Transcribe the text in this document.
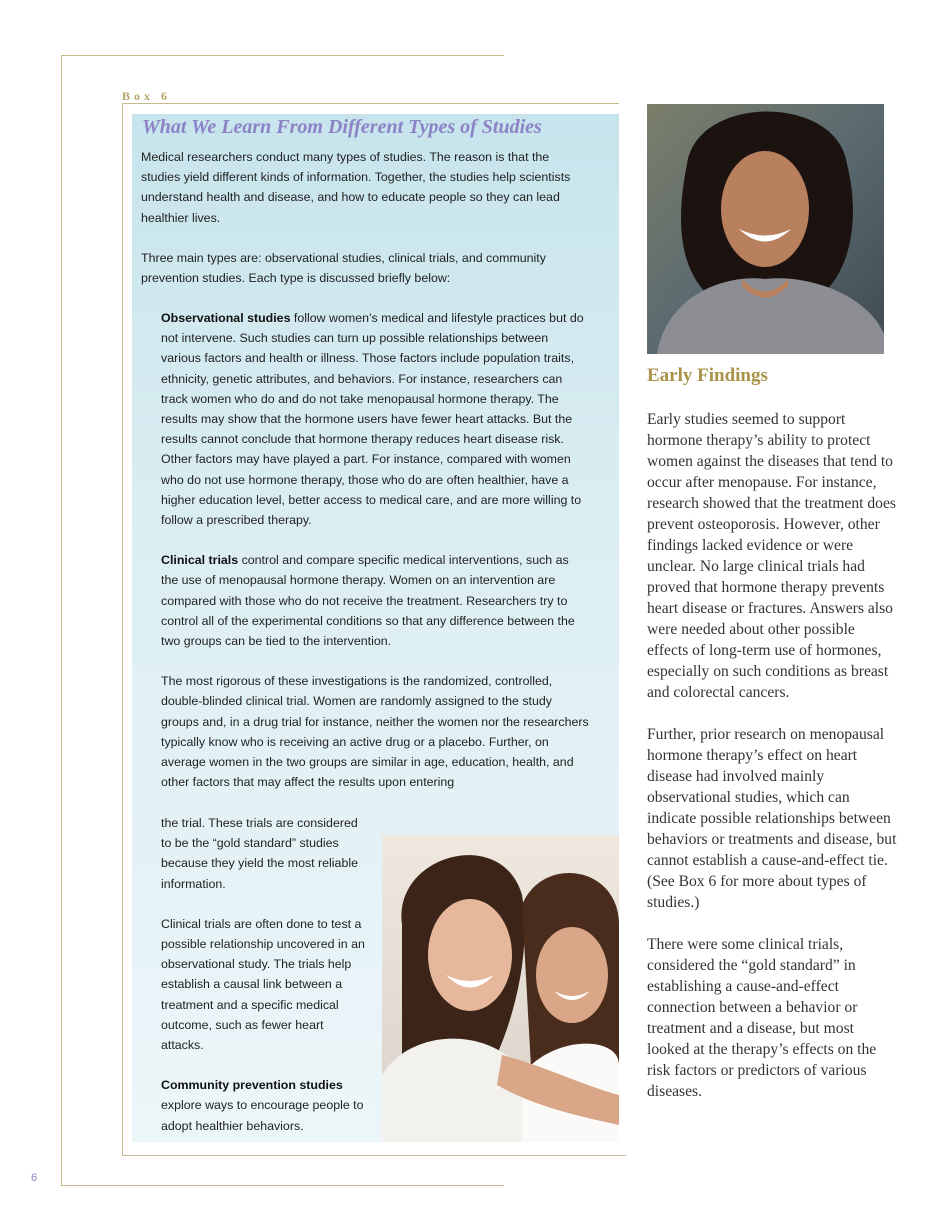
Box 6
What We Learn From Different Types of Studies

Medical researchers conduct many types of studies. The reason is that the studies yield different kinds of information. Together, the studies help scientists understand health and disease, and how to educate people so they can lead healthier lives.

Three main types are: observational studies, clinical trials, and community prevention studies. Each type is discussed briefly below:

Observational studies follow women’s medical and lifestyle practices but do not intervene. Such studies can turn up possible relationships between various factors and health or illness. Those factors include population traits, ethnicity, genetic attributes, and behaviors. For instance, researchers can track women who do and do not take menopausal hormone therapy. The results may show that the hormone users have fewer heart attacks. But the results cannot conclude that hormone therapy reduces heart disease risk. Other factors may have played a part. For instance, compared with women who do not use hormone therapy, those who do are often healthier, have a higher education level, better access to medical care, and are more willing to follow a prescribed therapy.

Clinical trials control and compare specific medical interventions, such as the use of menopausal hormone therapy. Women on an intervention are compared with those who do not receive the treatment. Researchers try to control all of the experimental conditions so that any difference between the two groups can be tied to the intervention.

The most rigorous of these investigations is the randomized, controlled, double-blinded clinical trial. Women are randomly assigned to the study groups and, in a drug trial for instance, neither the women nor the researchers typically know who is receiving an active drug or a placebo. Further, on average women in the two groups are similar in age, education, health, and other factors that may affect the results upon entering

the trial. These trials are considered to be the “gold standard” studies because they yield the most reliable information.

Clinical trials are often done to test a possible relationship uncovered in an observational study. The trials help establish a causal link between a treatment and a specific medical outcome, such as fewer heart attacks.

Community prevention studies
explore ways to encourage people to adopt healthier behaviors.

Early Findings

Early studies seemed to support hormone therapy’s ability to protect women against the diseases that tend to occur after menopause. For instance, research showed that the treatment does prevent osteoporosis. However, other findings lacked evidence or were unclear. No large clinical trials had proved that hormone therapy prevents heart disease or fractures. Answers also were needed about other possible effects of long-term use of hormones, especially on such conditions as breast and colorectal cancers.

Further, prior research on menopausal hormone therapy’s effect on heart disease had involved mainly observational studies, which can indicate possible relationships between behaviors or treatments and disease, but cannot establish a cause-and-effect tie. (See Box 6 for more about types of studies.)

There were some clinical trials, considered the “gold standard” in establishing a cause-and-effect connection between a behavior or treatment and a disease, but most looked at the therapy’s effects on the risk factors or predictors of various diseases.

6
